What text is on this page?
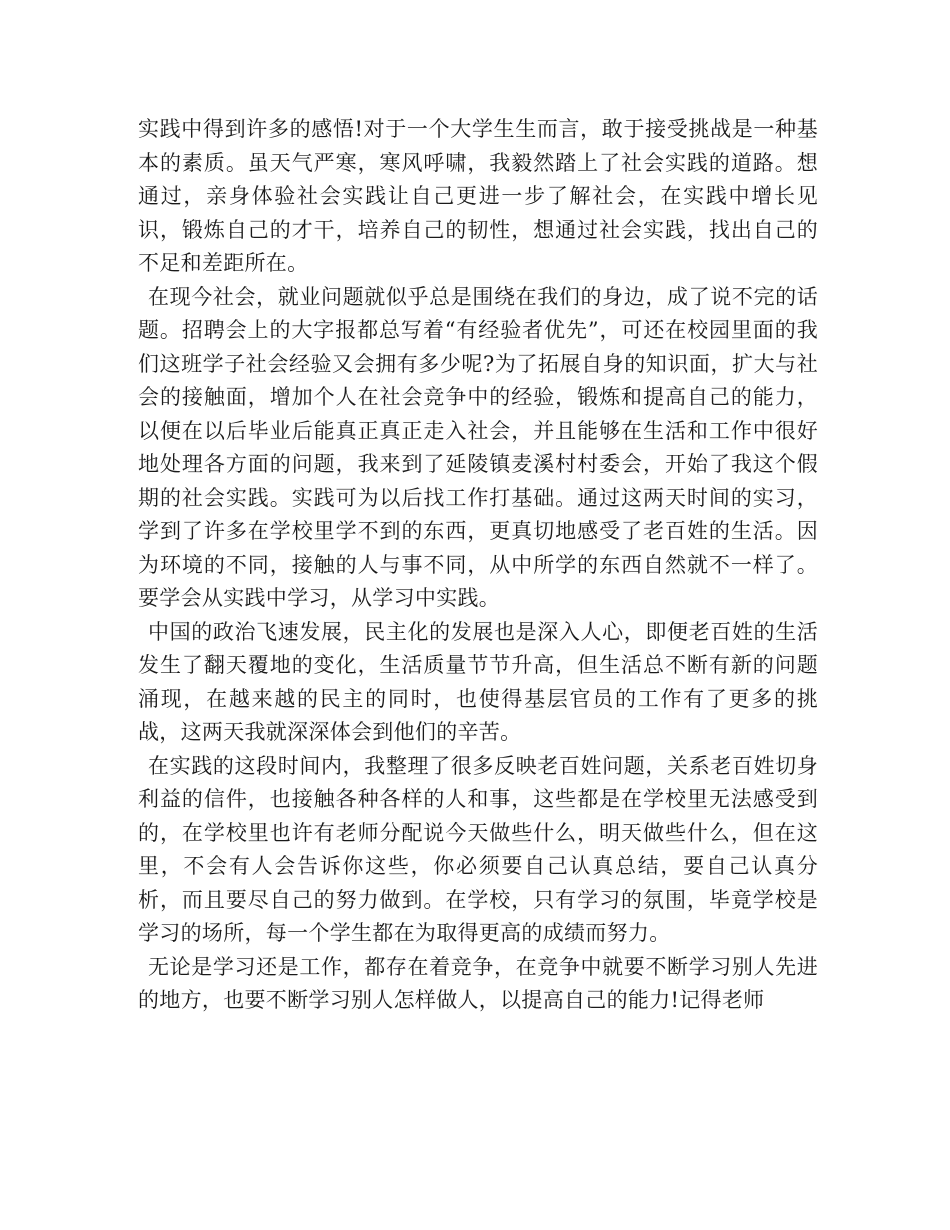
实践中得到许多的感悟!对于一个大学生生而言，敢于接受挑战是一种基本的素质。虽天气严寒，寒风呼啸，我毅然踏上了社会实践的道路。想通过，亲身体验社会实践让自己更进一步了解社会，在实践中增长见识，锻炼自己的才干，培养自己的韧性，想通过社会实践，找出自己的不足和差距所在。

在现今社会，就业问题就似乎总是围绕在我们的身边，成了说不完的话题。招聘会上的大字报都总写着“有经验者优先”，可还在校园里面的我们这班学子社会经验又会拥有多少呢?为了拓展自身的知识面，扩大与社会的接触面，增加个人在社会竞争中的经验，锻炼和提高自己的能力，以便在以后毕业后能真正真正走入社会，并且能够在生活和工作中很好地处理各方面的问题，我来到了延陵镇麦溪村村委会，开始了我这个假期的社会实践。实践可为以后找工作打基础。通过这两天时间的实习，学到了许多在学校里学不到的东西，更真切地感受了老百姓的生活。因为环境的不同，接触的人与事不同，从中所学的东西自然就不一样了。要学会从实践中学习，从学习中实践。

中国的政治飞速发展，民主化的发展也是深入人心，即便老百姓的生活发生了翻天覆地的变化，生活质量节节升高，但生活总不断有新的问题涌现，在越来越的民主的同时，也使得基层官员的工作有了更多的挑战，这两天我就深深体会到他们的辛苦。

在实践的这段时间内，我整理了很多反映老百姓问题，关系老百姓切身利益的信件，也接触各种各样的人和事，这些都是在学校里无法感受到的，在学校里也许有老师分配说今天做些什么，明天做些什么，但在这里，不会有人会告诉你这些，你必须要自己认真总结，要自己认真分析，而且要尽自己的努力做到。在学校，只有学习的氛围，毕竟学校是学习的场所，每一个学生都在为取得更高的成绩而努力。

无论是学习还是工作，都存在着竞争，在竞争中就要不断学习别人先进的地方，也要不断学习别人怎样做人，以提高自己的能力!记得老师
